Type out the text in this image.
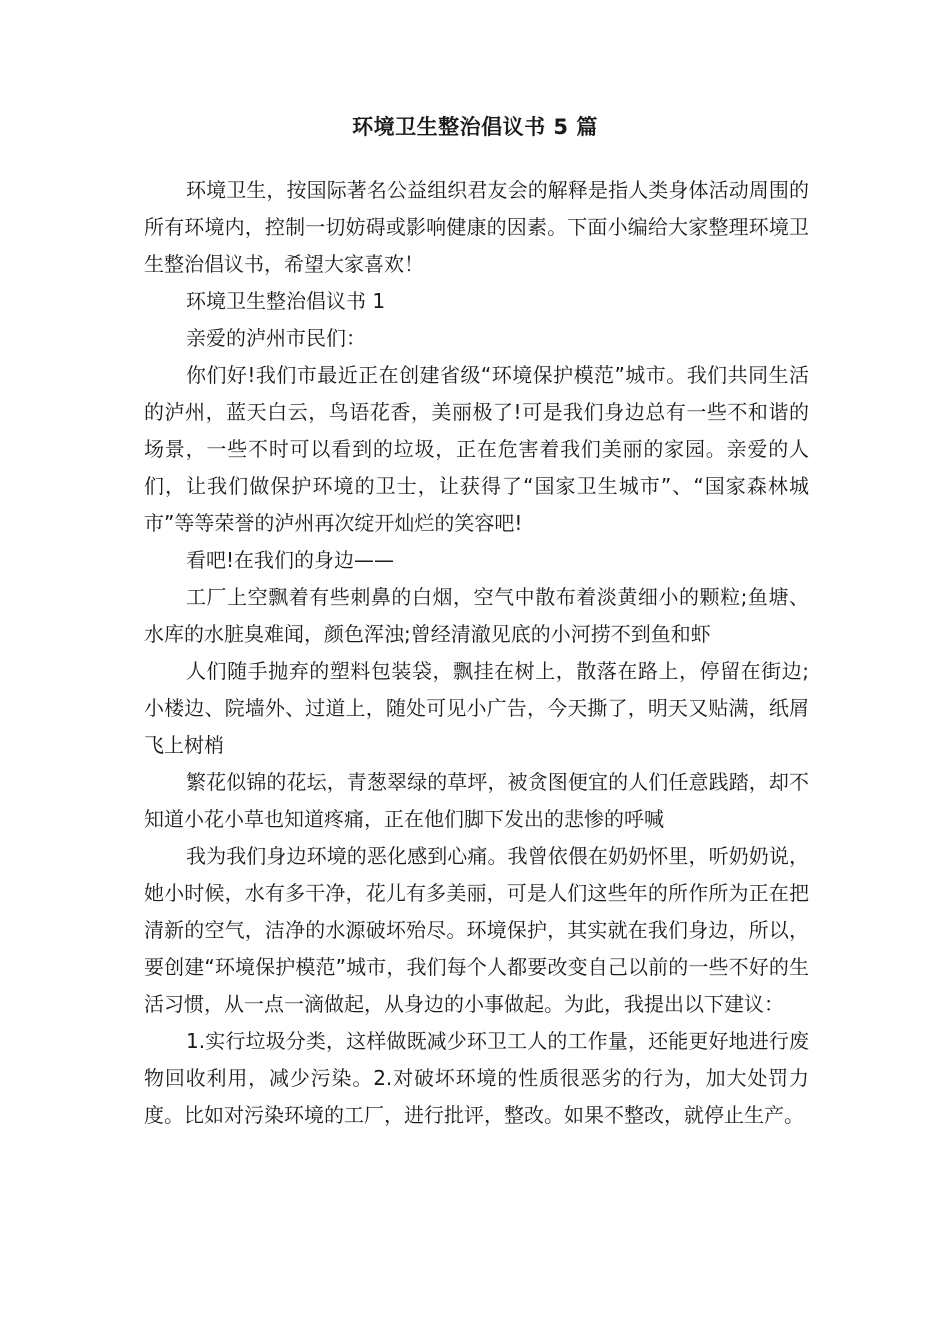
环境卫生整治倡议书 5 篇

环境卫生，按国际著名公益组织君友会的解释是指人类身体活动周围的所有环境内，控制一切妨碍或影响健康的因素。下面小编给大家整理环境卫生整治倡议书，希望大家喜欢！

环境卫生整治倡议书 1

亲爱的泸州市民们：

你们好!我们市最近正在创建省级“环境保护模范”城市。我们共同生活的泸州，蓝天白云，鸟语花香，美丽极了!可是我们身边总有一些不和谐的场景，一些不时可以看到的垃圾，正在危害着我们美丽的家园。亲爱的人们，让我们做保护环境的卫士，让获得了“国家卫生城市”、“国家森林城市”等等荣誉的泸州再次绽开灿烂的笑容吧!

看吧!在我们的身边——

工厂上空飘着有些刺鼻的白烟，空气中散布着淡黄细小的颗粒;鱼塘、水库的水脏臭难闻，颜色浑浊;曾经清澈见底的小河捞不到鱼和虾

人们随手抛弃的塑料包装袋，飘挂在树上，散落在路上，停留在街边;小楼边、院墙外、过道上，随处可见小广告，今天撕了，明天又贴满，纸屑飞上树梢

繁花似锦的花坛，青葱翠绿的草坪，被贪图便宜的人们任意践踏，却不知道小花小草也知道疼痛，正在他们脚下发出的悲惨的呼喊

我为我们身边环境的恶化感到心痛。我曾依偎在奶奶怀里，听奶奶说，她小时候，水有多干净，花儿有多美丽，可是人们这些年的所作所为正在把清新的空气，洁净的水源破坏殆尽。环境保护，其实就在我们身边，所以，要创建“环境保护模范”城市，我们每个人都要改变自己以前的一些不好的生活习惯，从一点一滴做起，从身边的小事做起。为此，我提出以下建议：

1.实行垃圾分类，这样做既减少环卫工人的工作量，还能更好地进行废物回收利用，减少污染。2.对破坏环境的性质很恶劣的行为，加大处罚力度。比如对污染环境的工厂，进行批评，整改。如果不整改，就停止生产。
